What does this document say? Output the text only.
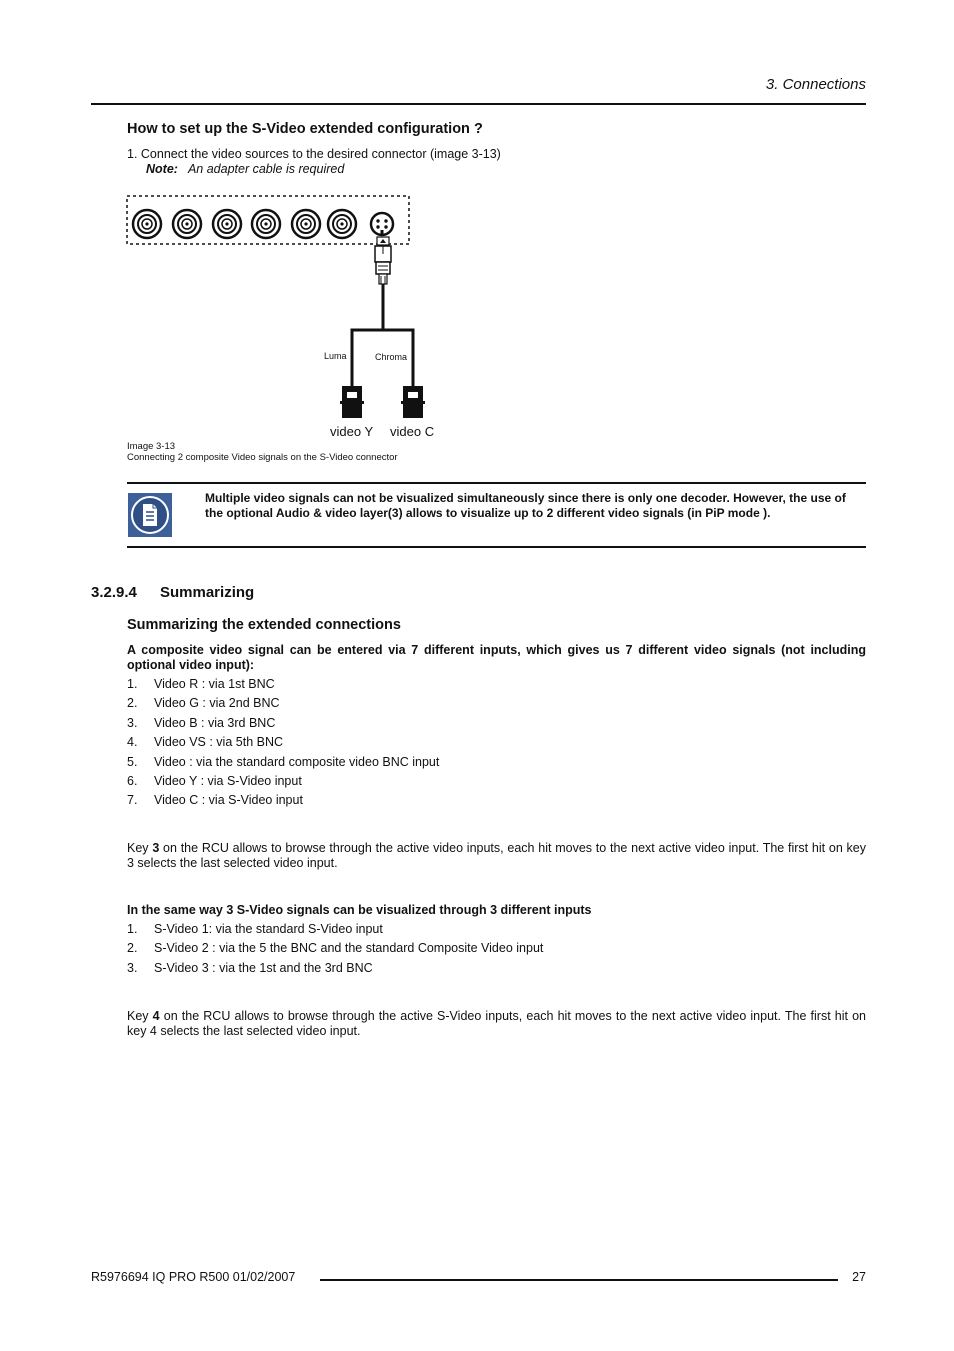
3. Connections
How to set up the S-Video extended configuration ?
1. Connect the video sources to the desired connector (image 3-13)
Note: An adapter cable is required
Luma	Chroma
video Y video C
Image 3-13
Connecting 2 composite Video signals on the S-Video connector
Multiple video signals can not be visualized simultaneously since there is only one decoder. However, the use of the optional Audio & video layer(3) allows to visualize up to 2 different video signals (in PiP mode ).
3.2.9.4 Summarizing
Summarizing the extended connections
A composite video signal can be entered via 7 different inputs, which gives us 7 different video signals (not including optional video input):
1. Video R : via 1st BNC
2. Video G : via 2nd BNC
3. Video B : via 3rd BNC
4. Video VS : via 5th BNC
5. Video : via the standard composite video BNC input
6. Video Y : via S-Video input
7. Video C : via S-Video input
Key 3 on the RCU allows to browse through the active video inputs, each hit moves to the next active video input. The first hit on key 3 selects the last selected video input.
In the same way 3 S-Video signals can be visualized through 3 different inputs
1. S-Video 1: via the standard S-Video input
2. S-Video 2 : via the 5 the BNC and the standard Composite Video input
3. S-Video 3 : via the 1st and the 3rd BNC
Key 4 on the RCU allows to browse through the active S-Video inputs, each hit moves to the next active video input. The first hit on key 4 selects the last selected video input.
R5976694 IQ PRO R500 01/02/2007	27
